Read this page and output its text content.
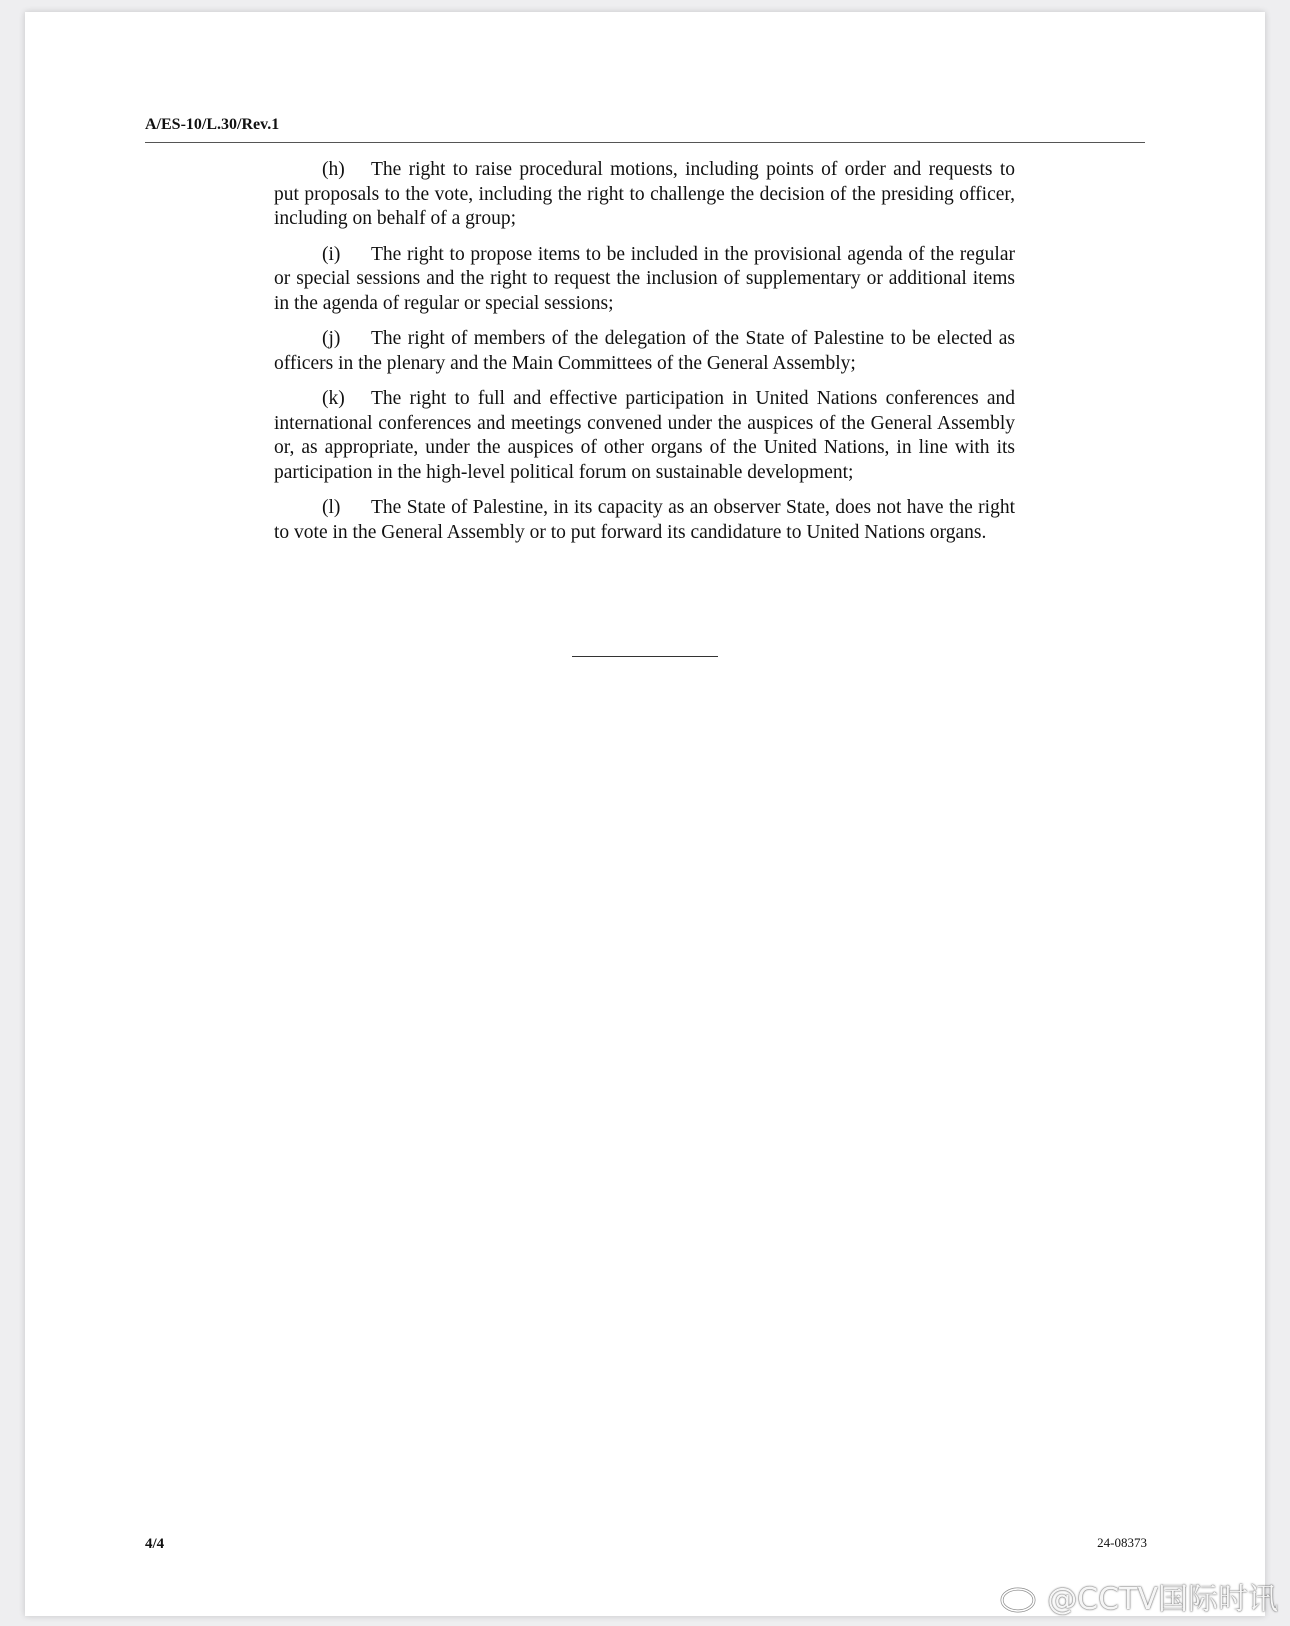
A/ES-10/L.30/Rev.1

(h) The right to raise procedural motions, including points of order and requests to put proposals to the vote, including the right to challenge the decision of the presiding officer, including on behalf of a group;

(i) The right to propose items to be included in the provisional agenda of the regular or special sessions and the right to request the inclusion of supplementary or additional items in the agenda of regular or special sessions;

(j) The right of members of the delegation of the State of Palestine to be elected as officers in the plenary and the Main Committees of the General Assembly;

(k) The right to full and effective participation in United Nations conferences and international conferences and meetings convened under the auspices of the General Assembly or, as appropriate, under the auspices of other organs of the United Nations, in line with its participation in the high-level political forum on sustainable development;

(l) The State of Palestine, in its capacity as an observer State, does not have the right to vote in the General Assembly or to put forward its candidature to United Nations organs.

4/4	24-08373
@CCTV国际时讯
